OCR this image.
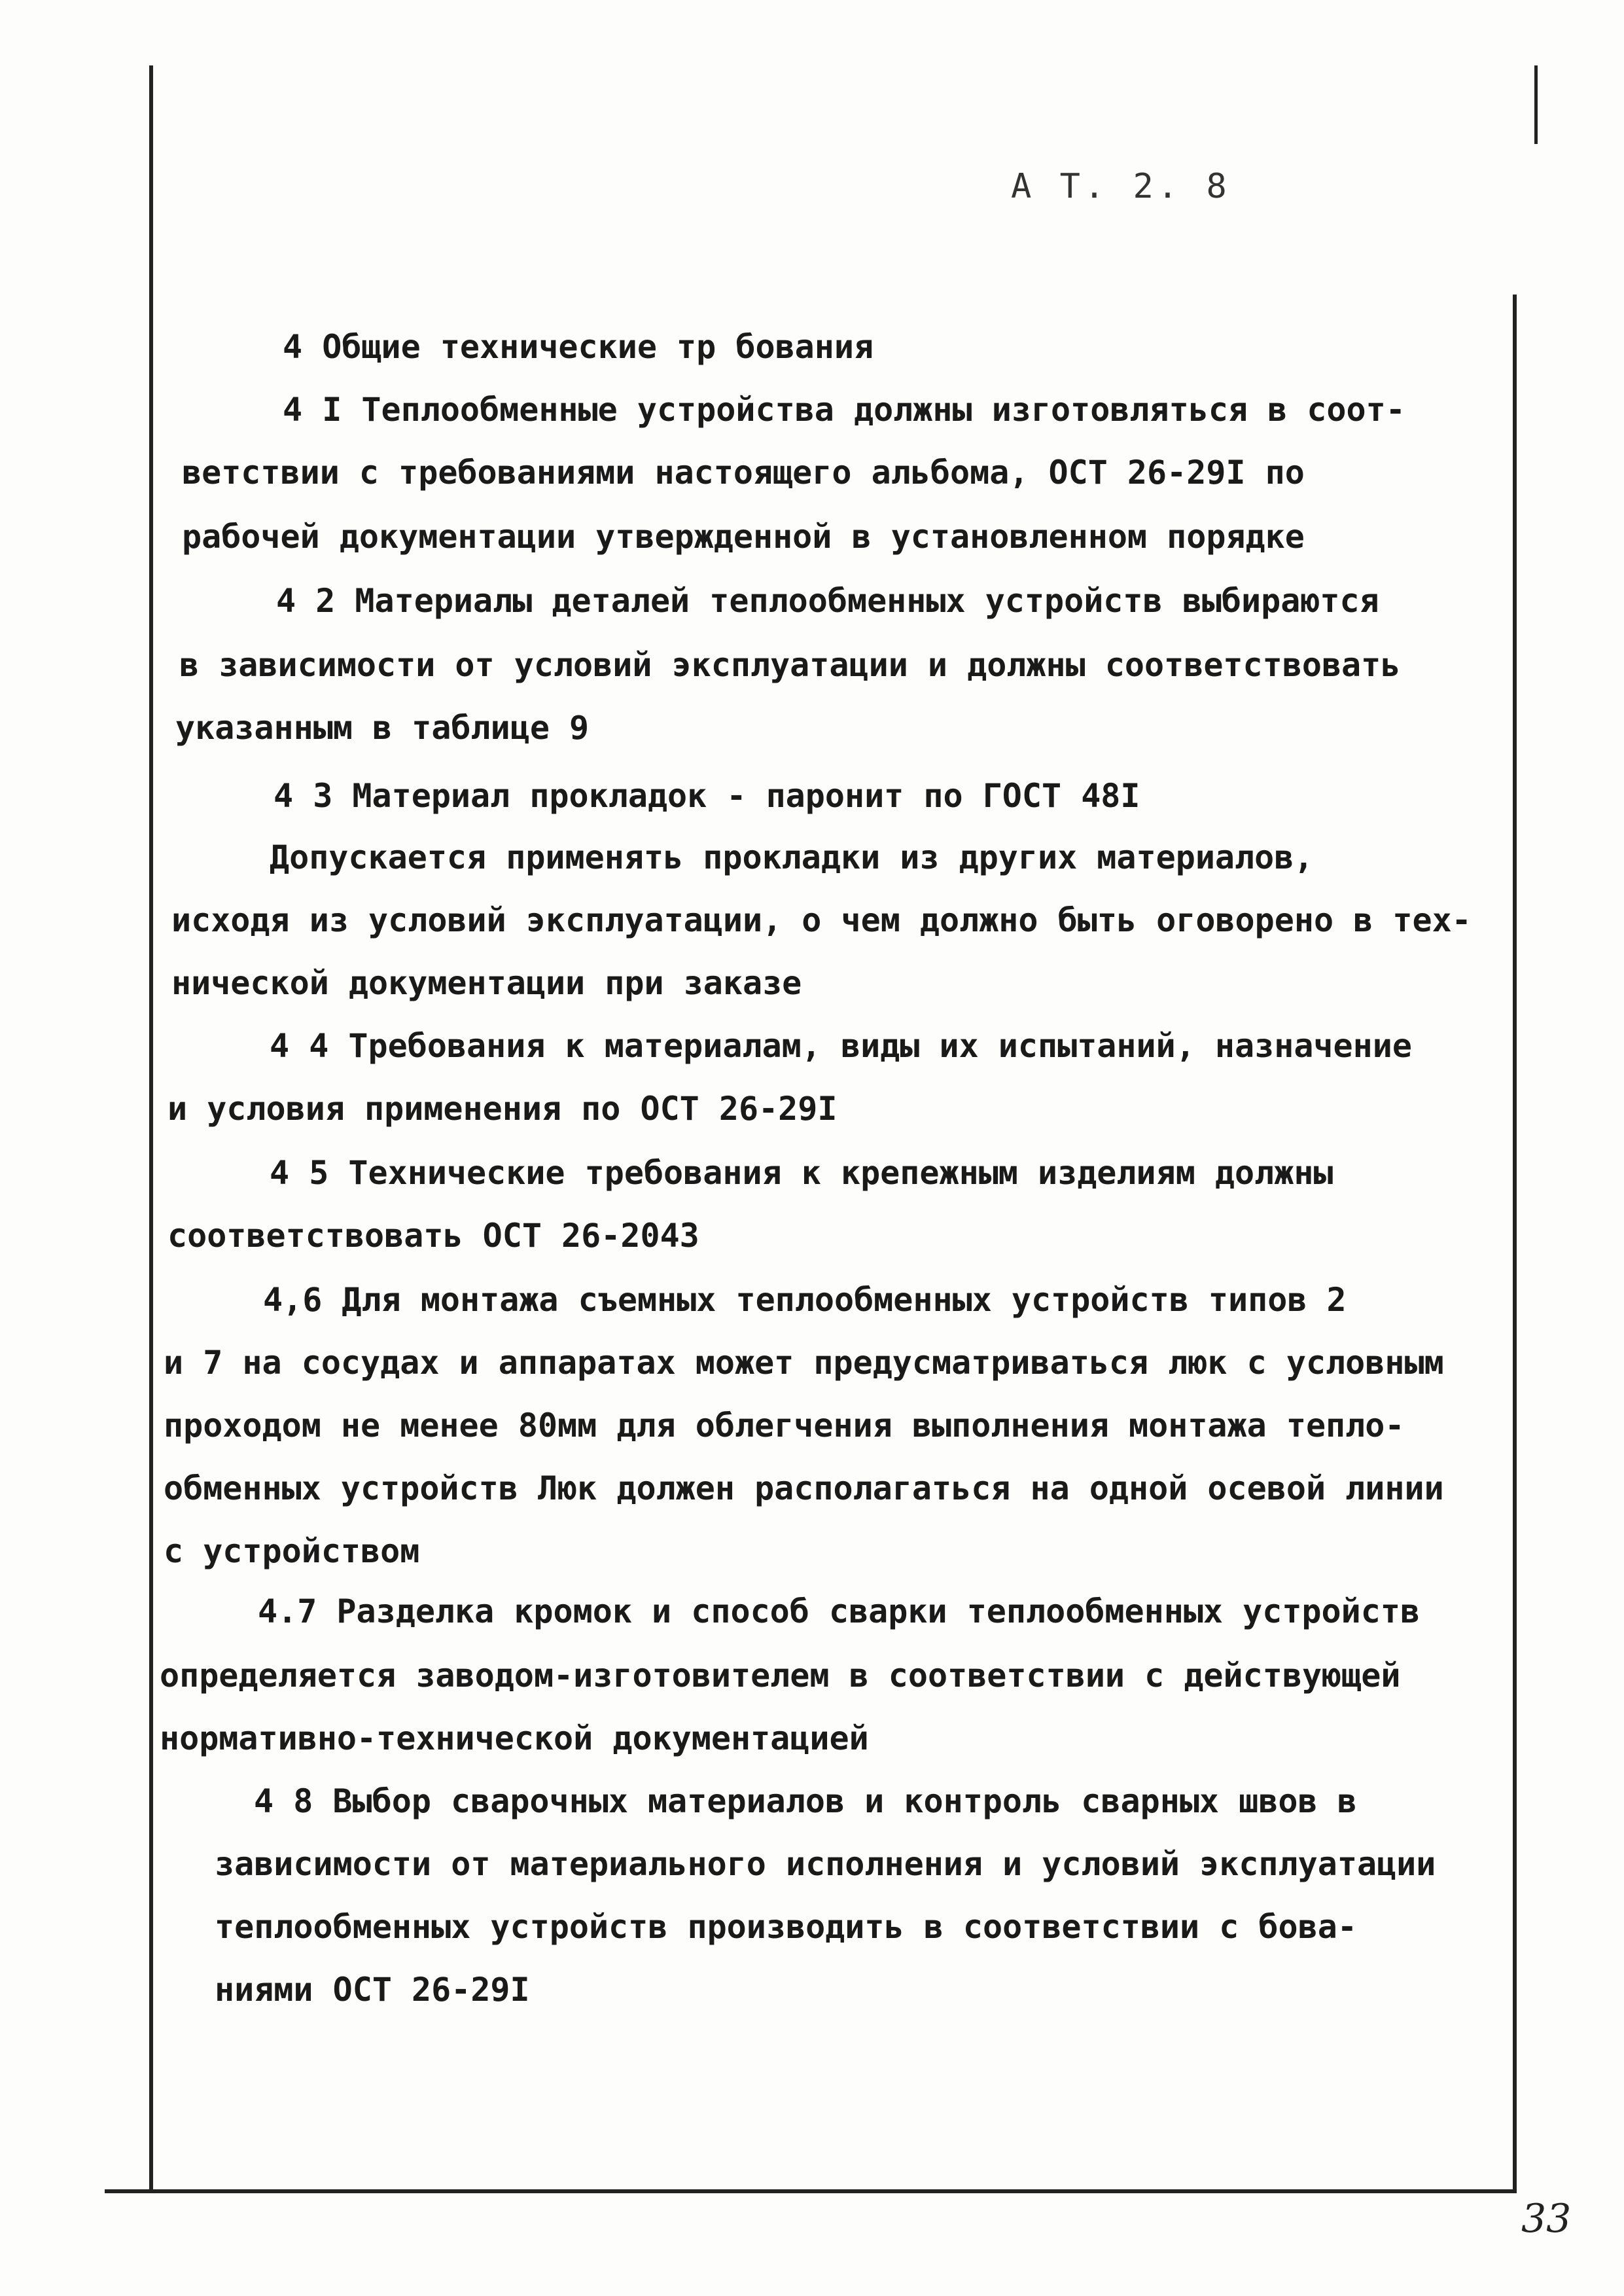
А Т. 2. 8
4 Общие технические тр бования
4 I Теплообменные устройства должны изготовляться в соот-
ветствии с требованиями настоящего альбома, ОСТ 26-29I по
рабочей документации утвержденной в установленном порядке
4 2 Материалы деталей теплообменных устройств выбираются
в зависимости от условий эксплуатации и должны соответствовать
указанным в таблице 9
4 3 Материал прокладок - паронит по ГОСТ 48I
Допускается применять прокладки из других материалов,
исходя из условий эксплуатации, о чем должно быть оговорено в тех-
нической документации при заказе
4 4 Требования к материалам, виды их испытаний, назначение
и условия применения по ОСТ 26-29I
4 5 Технические требования к крепежным изделиям должны
соответствовать ОСТ 26-2043
4,6 Для монтажа съемных теплообменных устройств типов 2
и 7 на сосудах и аппаратах может предусматриваться люк с условным
проходом не менее 80мм для облегчения выполнения монтажа тепло-
обменных устройств Люк должен располагаться на одной осевой линии
с устройством
4.7 Разделка кромок и способ сварки теплообменных устройств
определяется заводом-изготовителем в соответствии с действующей
нормативно-технической документацией
4 8 Выбор сварочных материалов и контроль сварных швов в
зависимости от материального исполнения и условий эксплуатации
теплообменных устройств производить в соответствии с бова-
ниями ОСТ 26-29I
33
